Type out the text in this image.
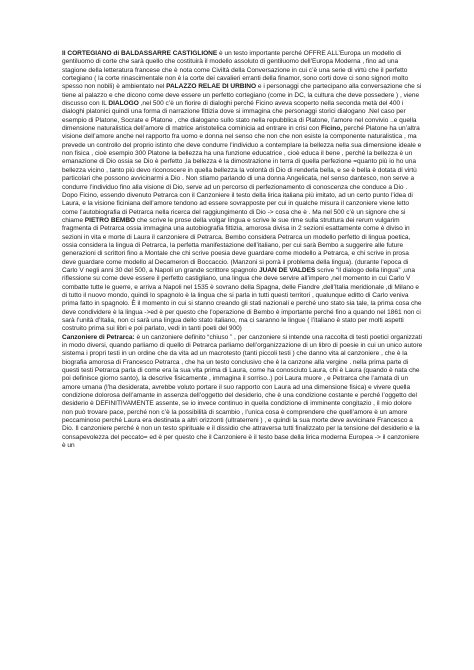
Il CORTEGIANO di BALDASSARRE CASTIGLIONE è un testo importante perché OFFRE ALL’Europa un modello di gentiluomo di corte che sarà quello che costituirà il modello assoluto di gentiluomo dell’Europa Moderna , fino ad una stagione della letteratura francese che è nota come Civiltà della Conversazione in cui c’è una serie di virtù che il perfetto cortegiano ( la corte rinascimentale non è la corte dei cavalieri erranti della finamor, sono corti dove ci sono signori molto spesso non nobili) è ambientato nel PALAZZO RELAE DI URBINO e i personaggi che partecipano alla conversazione che si tiene al palazzo e che dicono come deve essere un perfetto cortegiano (come in DC, la cultura che deve possedere ) , viene discusso con IL DIALOGO ,nel 500 c’è un fiorire di dialoghi perché Ficino aveva scoperto nella seconda metà del 400 i dialoghi platonici quindi una forma di narrazione fittizia dove si immagina che personaggi storici dialogano .Nel caso per esempio di Platone, Socrate e Platone , che dialogano sullo stato nella repubblica di Platone, l’amore nel convivio ..e quella dimensione naturalistica dell’amore di matrice aristotelica cominicia ad entrare in crisi con Ficino, perché Platone ha un’altra visione dell’amore anche nel rapporto fra uomo e donna nel senso che non che non esiste la componente naturalistica , ma prevede un controllo del proprio istinto che deve condurre l’individuo a contemplare la bellezza nella sua dimensione ideale e non fisica , cioè esempio 300 Platone la bellezza ha una funzione educatrice , cioè educa il bene , perché la bellezza è un emanazione di Dio ossia se Dio è perfetto ,la bellezza è la dimostrazione in terra di quella perfezione =quanto più io ho una bellezza vicino , tanto più devo riconoscere in quella bellezza la volontà di Dio di renderla bella, e se è bella è dotata di virtù particolari che possono avvicinarmi a Dio . Non stiamo parlando di una donna Angelicata, nel senso dantesco, non serve a condurre l’individuo fino alla visione di Dio, serve ad un percorso di perfezionamento di conoscenza che conduce a Dio .

Dopo Ficino, essendo divenuto Petrarca con il Canzoniere il testo della lirica italiana più imitato, ad un certo punto l’idea di Laura, e la visione ficiniana dell’amore tendono ad essere sovrapposte per cui in qualche misura il canzoniere viene letto come l’autobiografia di Petrarca nella ricerca del raggiungimento di Dio -> cosa che è . Ma nel 500 c’è un signore che si chiame PIETRO BEMBO che scrive le prose della volgar lingua e scrive le sue rime sulla struttura dei rerum vulgarim fragmenta di Petrarca ossia immagina una autobiografia fittizia, amorosa divisa in 2 sezioni esattamente come è diviso in sezioni in vita e morte di Laura il canzoniere di Petrarca. Bembo considera Petrarca un modello perfetto di lingua poetica, ossia considera la lingua di Petrarca, la perfetta manifestazione dell’italiano, per cui sarà Bembo a suggerire alle future generazioni di scrittori fino a Montale che chi scrive poesia deve guardare come modello a Petrarca, e chi scrive in prosa deve guardare come modello al Decameron di Boccaccio. (Manzoni si porrà il problema della lingua). (durante l’epoca di Carlo V negli anni 30 del 500, a Napoli un grande scrittore spagnolo JUAN DE VALDES scrive “il dialogo della lingua” ,una riflessione su come deve essere il perfetto castigliano, una lingua che deve servire all’impero ,nel momento in cui Carlo V combatte tutte le guerre, e arriva a Napoli nel 1535 è sovrano della Spagna, delle Fiandre ,dell’Italia meridionale ,di Milano e di tutto il nuovo mondo, quindi lo spagnolo è la lingua che si parla in tutti questi territori , qualunque editto di Carlo veniva prima fatto in spagnolo. È il momento in cui si stanno creando gli stati nazionali e perché uno stato sia tale, la prima cosa che deve condividere è la lingua ->ed è per questo che l’operazione di Bembo è importante perché fino a quando nel 1861 non ci sarà l’unità d’Italia, non ci sarà una lingua dello stato italiano, ma ci saranno le lingue ( l’italiano è stato per molti aspetti costruito prima sui libri e poi parlato, vedi in tanti poeti del 900)

Canzoniere di Petrarca: è un canzoniere definito “chiuso ” , per canzoniere si intende una raccolta di testi poetici organizzati in modo diversi, quando parliamo di quello di Petrarca parliamo dell’organizzazione di un libro di poesie in cui un unico autore sistema i propri testi in un ordine che da vita ad un macrotesto (tanti piccoli testi ) che danno vita al canzoniere , che è la biografia amorosa di Francesco Petrarca , che ha un testo conclusivo che è la canzone alla vergine . nella prima parte di questi testi Petrarca parla di come era la sua vita prima di Laura, come ha conosciuto Laura, chi è Laura (quando è nata che poi definisce giorno santo), la descrive fisicamente , immagina il sorriso..) poi Laura muore , e Petrarca che l’amata di un amore umana (l’ha desiderata, avrebbe voluto portare il suo rapporto con Laura ad una dimensione fisica) e vivere quella condizione dolorosa dell’amante in assenza dell’oggetto del desiderio, che è una condizione costante e perché l’oggetto del desiderio è DEFINITIVAMENTE assente, se io invece continuo in quella condizione di imminente congitazio , il mio dolore non può trovare pace, perché non c’è la possibilità di scambio , l’unica cosa è comprendere che quell’amore è un amore peccaminoso perché Laura era destinata a altri orizzonti (ultraterreni ) , e quindi la sua morte deve avvicinare Francesco a Dio. Il canzoniere perché è non un testo spirituale e il dissidio che attraversa tutti finalizzato per la tensione del desiderio e la consapevolezza del peccato= ed è per questo che il Canzoniere è il testo base della lirica moderna Europea -> il canzoniere è un
